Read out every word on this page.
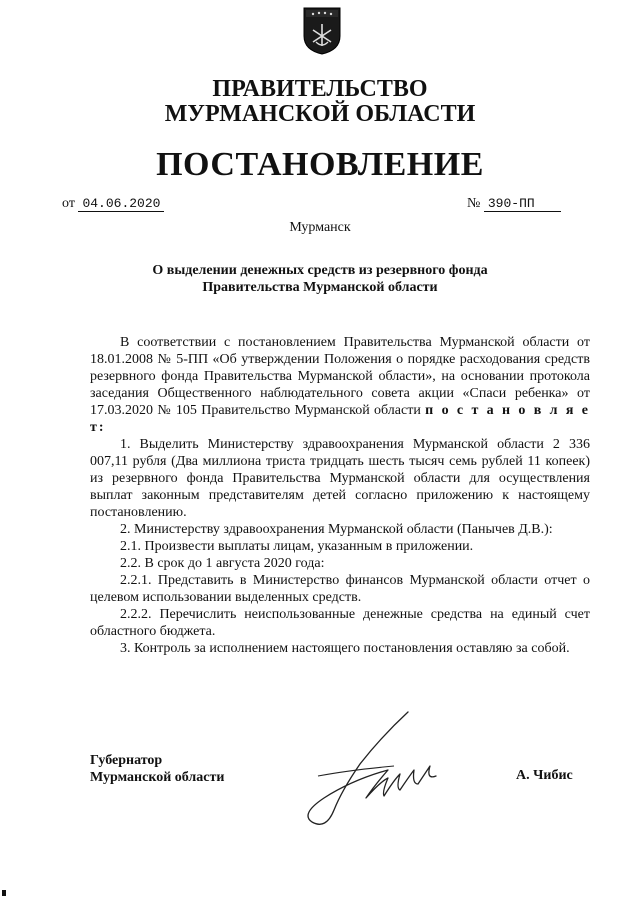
ПРАВИТЕЛЬСТВО
МУРМАНСКОЙ ОБЛАСТИ
ПОСТАНОВЛЕНИЕ
от 04.06.2020	№ 390-ПП
Мурманск
О выделении денежных средств из резервного фонда
Правительства Мурманской области

В соответствии с постановлением Правительства Мурманской области от 18.01.2008 № 5-ПП «Об утверждении Положения о порядке расходования средств резервного фонда Правительства Мурманской области», на основании протокола заседания Общественного наблюдательного совета акции «Спаси ребенка» от 17.03.2020 № 105 Правительство Мурманской области п о с т а н о в л я е т:

1. Выделить Министерству здравоохранения Мурманской области 2 336 007,11 рубля (Два миллиона триста тридцать шесть тысяч семь рублей 11 копеек) из резервного фонда Правительства Мурманской области для осуществления выплат законным представителям детей согласно приложению к настоящему постановлению.

2. Министерству здравоохранения Мурманской области (Панычев Д.В.):

2.1. Произвести выплаты лицам, указанным в приложении.

2.2. В срок до 1 августа 2020 года:

2.2.1. Представить в Министерство финансов Мурманской области отчет о целевом использовании выделенных средств.

2.2.2. Перечислить неиспользованные денежные средства на единый счет областного бюджета.

3. Контроль за исполнением настоящего постановления оставляю за собой.

Губернатор
Мурманской области	А. Чибис
